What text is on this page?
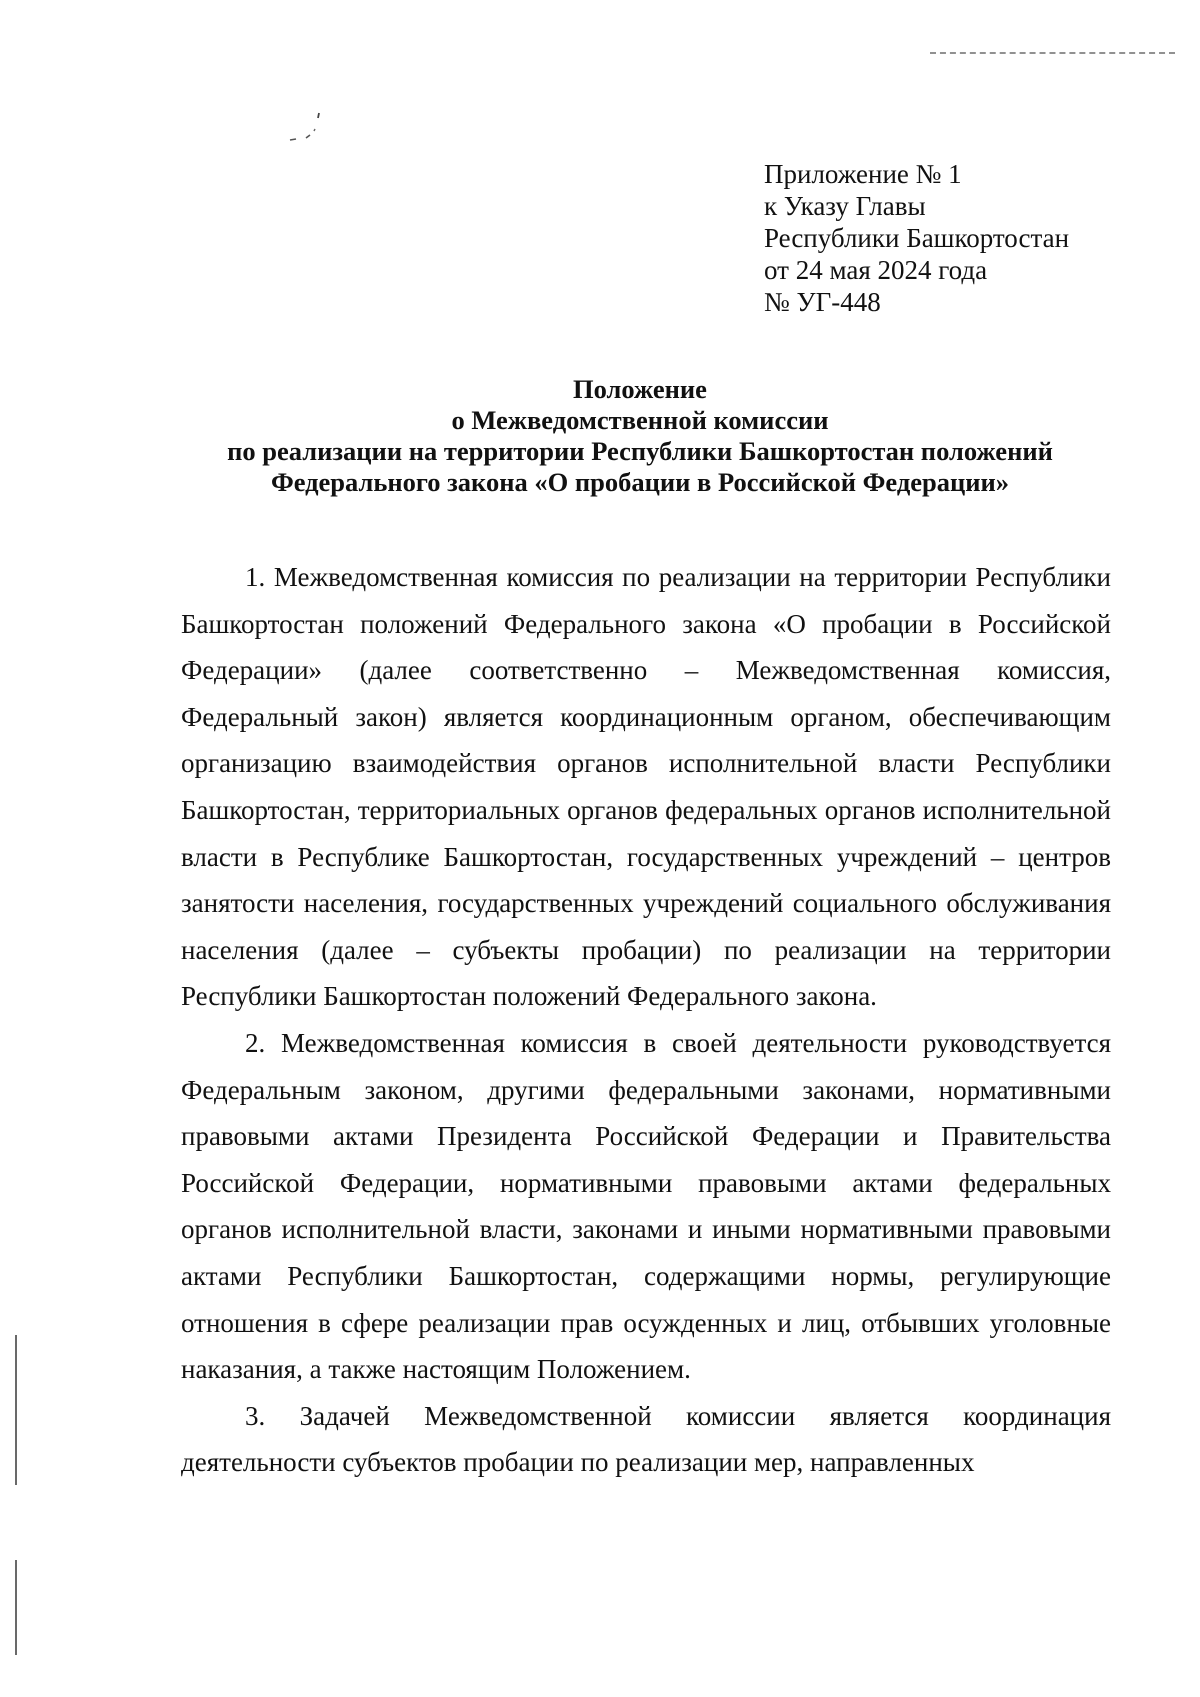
Приложение № 1
к Указу Главы
Республики Башкортостан
от 24 мая 2024 года
№ УГ-448
Положение
о Межведомственной комиссии
по реализации на территории Республики Башкортостан положений
Федерального закона «О пробации в Российской Федерации»

1. Межведомственная комиссия по реализации на территории Республики Башкортостан положений Федерального закона «О пробации в Российской Федерации» (далее соответственно – Межведомственная комиссия, Федеральный закон) является координационным органом, обеспечивающим организацию взаимодействия органов исполнительной власти Республики Башкортостан, территориальных органов федеральных органов исполнительной власти в Республике Башкортостан, государственных учреждений – центров занятости населения, государственных учреждений социального обслуживания населения (далее – субъекты пробации) по реализации на территории Республики Башкортостан положений Федерального закона.

2. Межведомственная комиссия в своей деятельности руководствуется Федеральным законом, другими федеральными законами, нормативными правовыми актами Президента Российской Федерации и Правительства Российской Федерации, нормативными правовыми актами федеральных органов исполнительной власти, законами и иными нормативными правовыми актами Республики Башкортостан, содержащими нормы, регулирующие отношения в сфере реализации прав осужденных и лиц, отбывших уголовные наказания, а также настоящим Положением.

3. Задачей Межведомственной комиссии является координация деятельности субъектов пробации по реализации мер, направленных
